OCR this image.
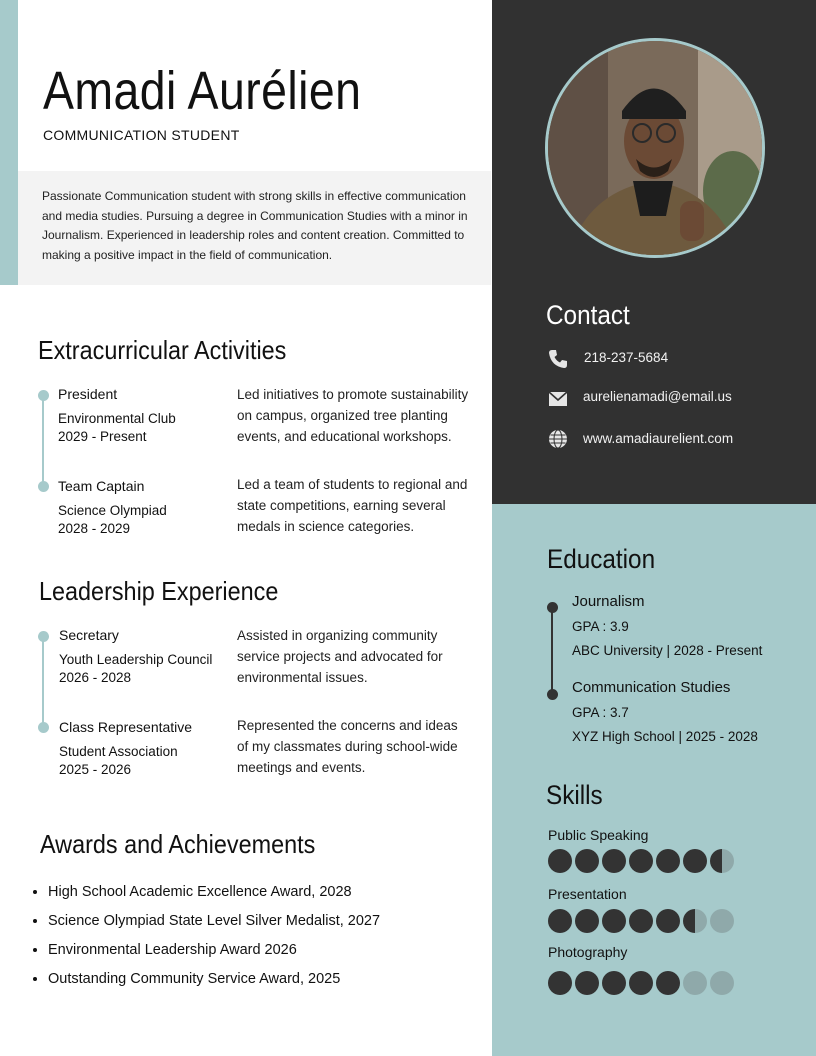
Amadi Aurélien
COMMUNICATION STUDENT
Passionate Communication student with strong skills in effective communication and media studies. Pursuing a degree in Communication Studies with a minor in Journalism. Experienced in leadership roles and content creation. Committed to making a positive impact in the field of communication.
Extracurricular Activities
President
Environmental Club
2029 - Present
Led initiatives to promote sustainability on campus, organized tree planting events, and educational workshops.
Team Captain
Science Olympiad
2028 - 2029
Led a team of students to regional and state competitions, earning several medals in science categories.
Leadership Experience
Secretary
Youth Leadership Council
2026 - 2028
Assisted in organizing community service projects and advocated for environmental issues.
Class Representative
Student Association
2025 - 2026
Represented the concerns and ideas of my classmates during school-wide meetings and events.
Awards and Achievements
• High School Academic Excellence Award, 2028
• Science Olympiad State Level Silver Medalist, 2027
• Environmental Leadership Award 2026
• Outstanding Community Service Award, 2025
Contact
218-237-5684
aurelienamadi@email.us
www.amadiaurelient.com
Education
Journalism
GPA : 3.9
ABC University | 2028 - Present
Communication Studies
GPA : 3.7
XYZ High School | 2025 - 2028
Skills
Public Speaking
Presentation
Photography
